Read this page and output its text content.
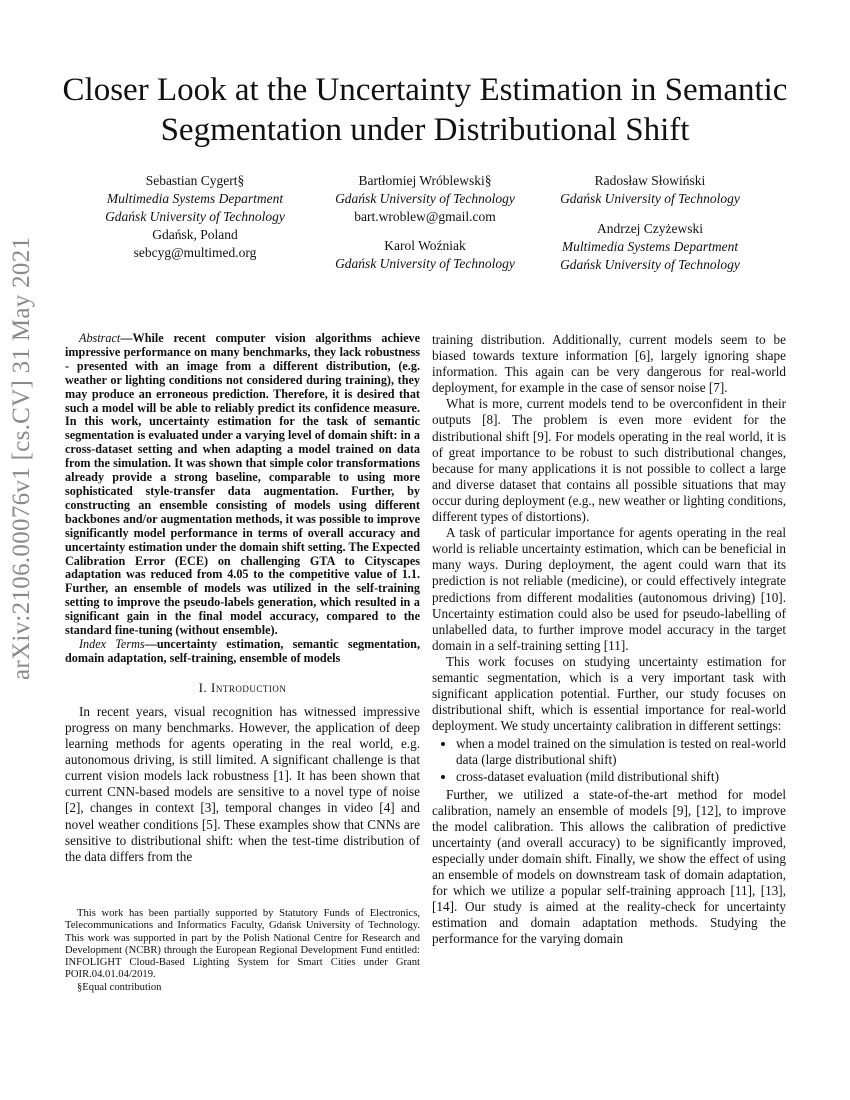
arXiv:2106.00076v1 [cs.CV] 31 May 2021
Closer Look at the Uncertainty Estimation in Semantic Segmentation under Distributional Shift
Sebastian Cygert§
Multimedia Systems Department
Gdańsk University of Technology
Gdańsk, Poland
sebcyg@multimed.org
Bartłomiej Wróblewski§
Gdańsk University of Technology
bart.wroblew@gmail.com
Radosław Słowiński
Gdańsk University of Technology
Karol Woźniak
Gdańsk University of Technology
Andrzej Czyżewski
Multimedia Systems Department
Gdańsk University of Technology

Abstract—While recent computer vision algorithms achieve impressive performance on many benchmarks, they lack robustness - presented with an image from a different distribution, (e.g. weather or lighting conditions not considered during training), they may produce an erroneous prediction. Therefore, it is desired that such a model will be able to reliably predict its confidence measure. In this work, uncertainty estimation for the task of semantic segmentation is evaluated under a varying level of domain shift: in a cross-dataset setting and when adapting a model trained on data from the simulation. It was shown that simple color transformations already provide a strong baseline, comparable to using more sophisticated style-transfer data augmentation. Further, by constructing an ensemble consisting of models using different backbones and/or augmentation methods, it was possible to improve significantly model performance in terms of overall accuracy and uncertainty estimation under the domain shift setting. The Expected Calibration Error (ECE) on challenging GTA to Cityscapes adaptation was reduced from 4.05 to the competitive value of 1.1. Further, an ensemble of models was utilized in the self-training setting to improve the pseudo-labels generation, which resulted in a significant gain in the final model accuracy, compared to the standard fine-tuning (without ensemble).

Index Terms—uncertainty estimation, semantic segmentation, domain adaptation, self-training, ensemble of models

I. Introduction

In recent years, visual recognition has witnessed impressive progress on many benchmarks. However, the application of deep learning methods for agents operating in the real world, e.g. autonomous driving, is still limited. A significant challenge is that current vision models lack robustness [1]. It has been shown that current CNN-based models are sensitive to a novel type of noise [2], changes in context [3], temporal changes in video [4] and novel weather conditions [5]. These examples show that CNNs are sensitive to distributional shift: when the test-time distribution of the data differs from the

This work has been partially supported by Statutory Funds of Electronics, Telecommunications and Informatics Faculty, Gdańsk University of Technology. This work was supported in part by the Polish National Centre for Research and Development (NCBR) through the European Regional Development Fund entitled: INFOLIGHT Cloud-Based Lighting System for Smart Cities under Grant POIR.04.01.04/2019.

§Equal contribution

training distribution. Additionally, current models seem to be biased towards texture information [6], largely ignoring shape information. This again can be very dangerous for real-world deployment, for example in the case of sensor noise [7].

What is more, current models tend to be overconfident in their outputs [8]. The problem is even more evident for the distributional shift [9]. For models operating in the real world, it is of great importance to be robust to such distributional changes, because for many applications it is not possible to collect a large and diverse dataset that contains all possible situations that may occur during deployment (e.g., new weather or lighting conditions, different types of distortions).

A task of particular importance for agents operating in the real world is reliable uncertainty estimation, which can be beneficial in many ways. During deployment, the agent could warn that its prediction is not reliable (medicine), or could effectively integrate predictions from different modalities (autonomous driving) [10]. Uncertainty estimation could also be used for pseudo-labelling of unlabelled data, to further improve model accuracy in the target domain in a self-training setting [11].

This work focuses on studying uncertainty estimation for semantic segmentation, which is a very important task with significant application potential. Further, our study focuses on distributional shift, which is essential importance for real-world deployment. We study uncertainty calibration in different settings:

• when a model trained on the simulation is tested on real-world data (large distributional shift)
• cross-dataset evaluation (mild distributional shift)

Further, we utilized a state-of-the-art method for model calibration, namely an ensemble of models [9], [12], to improve the model calibration. This allows the calibration of predictive uncertainty (and overall accuracy) to be significantly improved, especially under domain shift. Finally, we show the effect of using an ensemble of models on downstream task of domain adaptation, for which we utilize a popular self-training approach [11], [13], [14]. Our study is aimed at the reality-check for uncertainty estimation and domain adaptation methods. Studying the performance for the varying domain
